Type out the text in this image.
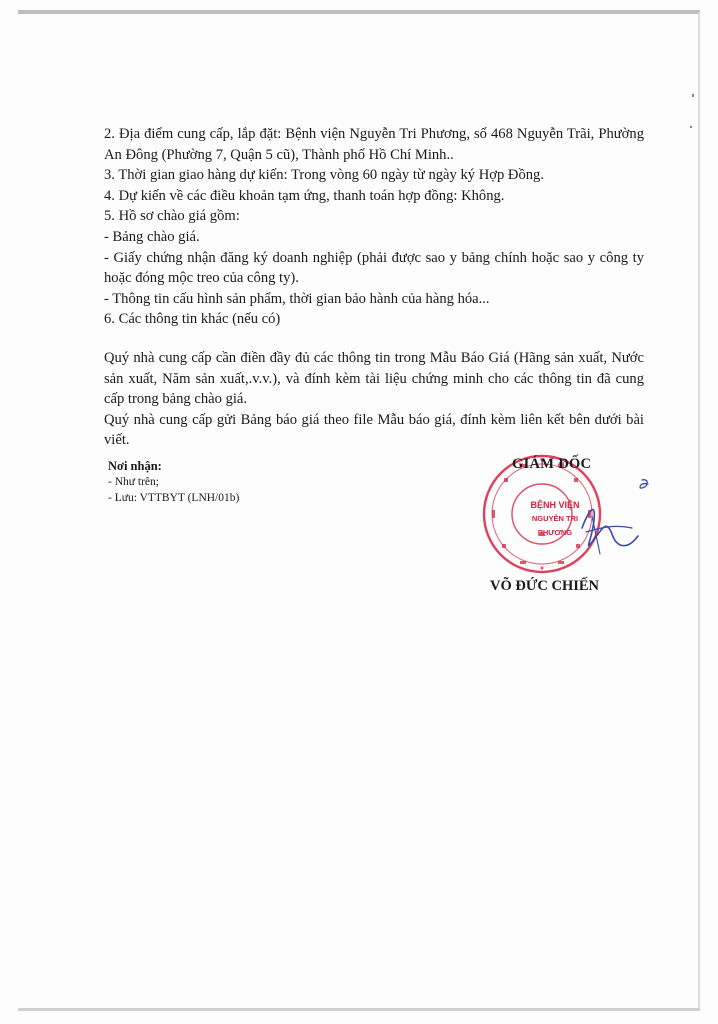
2. Địa điểm cung cấp, lắp đặt: Bệnh viện Nguyễn Tri Phương, số 468 Nguyễn Trãi, Phường An Đông (Phường 7, Quận 5 cũ), Thành phố Hồ Chí Minh..

3. Thời gian giao hàng dự kiến: Trong vòng 60 ngày từ ngày ký Hợp Đồng.

4. Dự kiến về các điều khoản tạm ứng, thanh toán hợp đồng: Không.

5. Hồ sơ chào giá gồm:

- Bảng chào giá.

- Giấy chứng nhận đăng ký doanh nghiệp (phải được sao y bảng chính hoặc sao y công ty hoặc đóng mộc treo của công ty).

- Thông tin cấu hình sản phẩm, thời gian bảo hành của hàng hóa...

6. Các thông tin khác (nếu có)

Quý nhà cung cấp cần điền đầy đủ các thông tin trong Mẫu Báo Giá (Hãng sản xuất, Nước sản xuất, Năm sản xuất,.v.v.), và đính kèm tài liệu chứng minh cho các thông tin đã cung cấp trong bảng chào giá.

Quý nhà cung cấp gửi Bảng báo giá theo file Mẫu báo giá, đính kèm liên kết bên dưới bài viết.

Nơi nhận:
- Như trên;
- Lưu: VTTBYT (LNH/01b)
BỆNH VIỆN
NGUYỄN TRI PHƯƠNG
GIÁM ĐỐC
VÕ ĐỨC CHIẾN
